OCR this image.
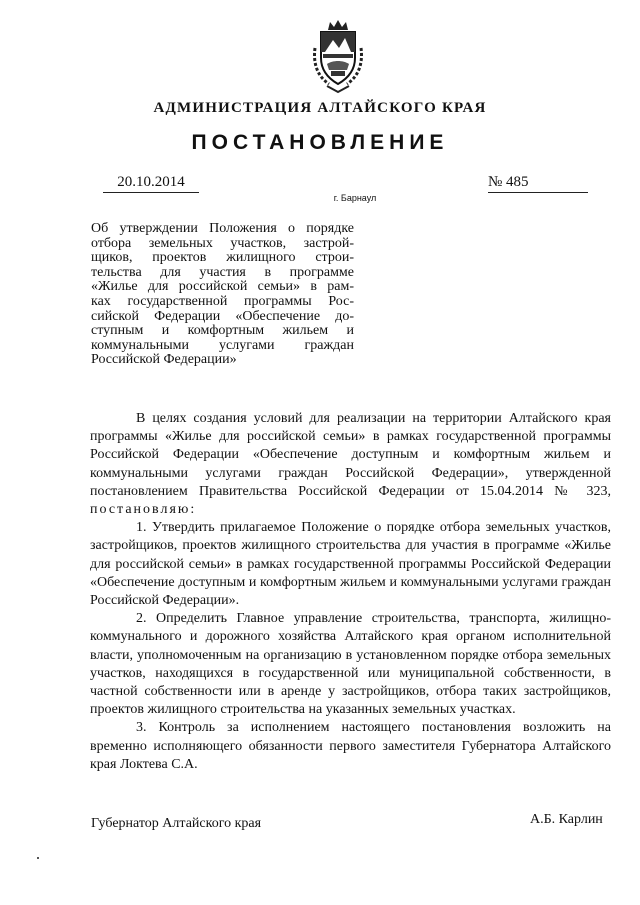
АДМИНИСТРАЦИЯ АЛТАЙСКОГО КРАЯ
ПОСТАНОВЛЕНИЕ
20.10.2014	№ 485
г. Барнаул
Об утверждении Положения о порядке
отбора земельных участков, застрой-
щиков, проектов жилищного строи-
тельства для участия в программе
«Жилье для российской семьи» в рам-
ках государственной программы Рос-
сийской Федерации «Обеспечение до-
ступным и комфортным жильем и
коммунальными услугами граждан
Российской Федерации»

В целях создания условий для реализации на территории Алтайского края программы «Жилье для российской семьи» в рамках государственной программы Российской Федерации «Обеспечение доступным и комфортным жильем и коммунальными услугами граждан Российской Федерации», утвержденной постановлением Правительства Российской Федерации от 15.04.2014 № 323, постановляю:

1. Утвердить прилагаемое Положение о порядке отбора земельных участков, застройщиков, проектов жилищного строительства для участия в программе «Жилье для российской семьи» в рамках государственной программы Российской Федерации «Обеспечение доступным и комфортным жильем и коммунальными услугами граждан Российской Федерации».

2. Определить Главное управление строительства, транспорта, жилищно-коммунального и дорожного хозяйства Алтайского края органом исполнительной власти, уполномоченным на организацию в установленном порядке отбора земельных участков, находящихся в государственной или муниципальной собственности, в частной собственности или в аренде у застройщиков, отбора таких застройщиков, проектов жилищного строительства на указанных земельных участках.

3. Контроль за исполнением настоящего постановления возложить на временно исполняющего обязанности первого заместителя Губернатора Алтайского края Локтева С.А.

Губернатор Алтайского края	А.Б. Карлин
